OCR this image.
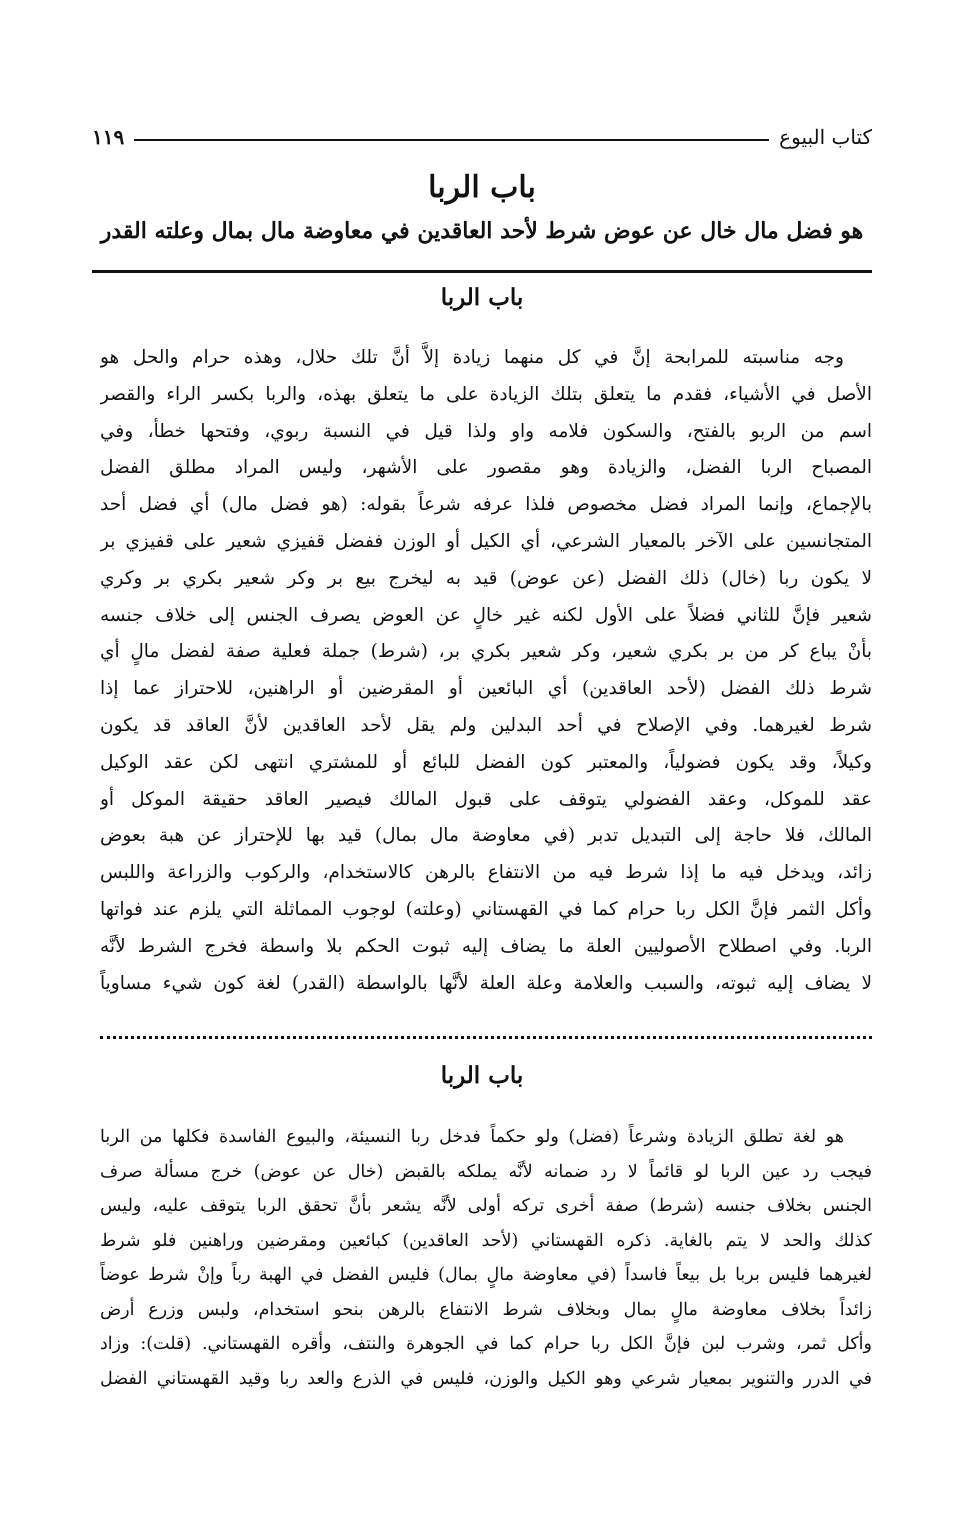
كتاب البيوع
١١٩
باب الربا
هو فضل مال خال عن عوض شرط لأحد العاقدين في معاوضة مال بمال وعلته القدر
باب الربا
وجه مناسبته للمرابحة إنَّ في كل منهما زيادة إلاَّ أنَّ تلك حلال، وهذه حرام والحل هو
الأصل في الأشياء، فقدم ما يتعلق بتلك الزيادة على ما يتعلق بهذه، والربا بكسر الراء والقصر
اسم من الربو بالفتح، والسكون فلامه واو ولذا قيل في النسبة ربوي، وفتحها خطأ، وفي
المصباح الربا الفضل، والزيادة وهو مقصور على الأشهر، وليس المراد مطلق الفضل
بالإجماع، وإنما المراد فضل مخصوص فلذا عرفه شرعاً بقوله: (هو فضل مال) أي فضل أحد
المتجانسين على الآخر بالمعيار الشرعي، أي الكيل أو الوزن ففضل قفيزي شعير على قفيزي بر
لا يكون ربا (خال) ذلك الفضل (عن عوض) قيد به ليخرج بيع بر وكر شعير بكري بر وكري
شعير فإنَّ للثاني فضلاً على الأول لكنه غير خالٍ عن العوض يصرف الجنس إلى خلاف جنسه
بأنْ يباع كر من بر بكري شعير، وكر شعير بكري بر، (شرط) جملة فعلية صفة لفضل مالٍ أي
شرط ذلك الفضل (لأحد العاقدين) أي البائعين أو المقرضين أو الراهنين، للاحتراز عما إذا
شرط لغيرهما. وفي الإصلاح في أحد البدلين ولم يقل لأحد العاقدين لأنَّ العاقد قد يكون
وكيلاً، وقد يكون فضولياً، والمعتبر كون الفضل للبائع أو للمشتري انتهى لكن عقد الوكيل
عقد للموكل، وعقد الفضولي يتوقف على قبول المالك فيصير العاقد حقيقة الموكل أو
المالك، فلا حاجة إلى التبديل تدبر (في معاوضة مال بمال) قيد بها للإحتراز عن هبة بعوض
زائد، ويدخل فيه ما إذا شرط فيه من الانتفاع بالرهن كالاستخدام، والركوب والزراعة واللبس
وأكل الثمر فإنَّ الكل ربا حرام كما في القهستاني (وعلته) لوجوب المماثلة التي يلزم عند فواتها
الربا. وفي اصطلاح الأصوليين العلة ما يضاف إليه ثبوت الحكم بلا واسطة فخرج الشرط لأنَّه
لا يضاف إليه ثبوته، والسبب والعلامة وعلة العلة لأنَّها بالواسطة (القدر) لغة كون شيء مساوياً
باب الربا
هو لغة تطلق الزيادة وشرعاً (فضل) ولو حكماً فدخل ربا النسيئة، والبيوع الفاسدة فكلها من الربا
فيجب رد عين الربا لو قائماً لا رد ضمانه لأنَّه يملكه بالقبض (خال عن عوض) خرج مسألة صرف
الجنس بخلاف جنسه (شرط) صفة أخرى تركه أولى لأنَّه يشعر بأنَّ تحقق الربا يتوقف عليه، وليس
كذلك والحد لا يتم بالغاية. ذكره القهستاني (لأحد العاقدين) كبائعين ومقرضين وراهنين فلو شرط
لغيرهما فليس بربا بل بيعاً فاسداً (في معاوضة مالٍ بمال) فليس الفضل في الهبة رباً وإنْ شرط عوضاً
زائداً بخلاف معاوضة مالٍ بمال وبخلاف شرط الانتفاع بالرهن بنحو استخدام، ولبس وزرع أرض
وأكل ثمر، وشرب لبن فإنَّ الكل ربا حرام كما في الجوهرة والنتف، وأقره القهستاني. (قلت): وزاد
في الدرر والتنوير بمعيار شرعي وهو الكيل والوزن، فليس في الذرع والعد ربا وقيد القهستاني الفضل
